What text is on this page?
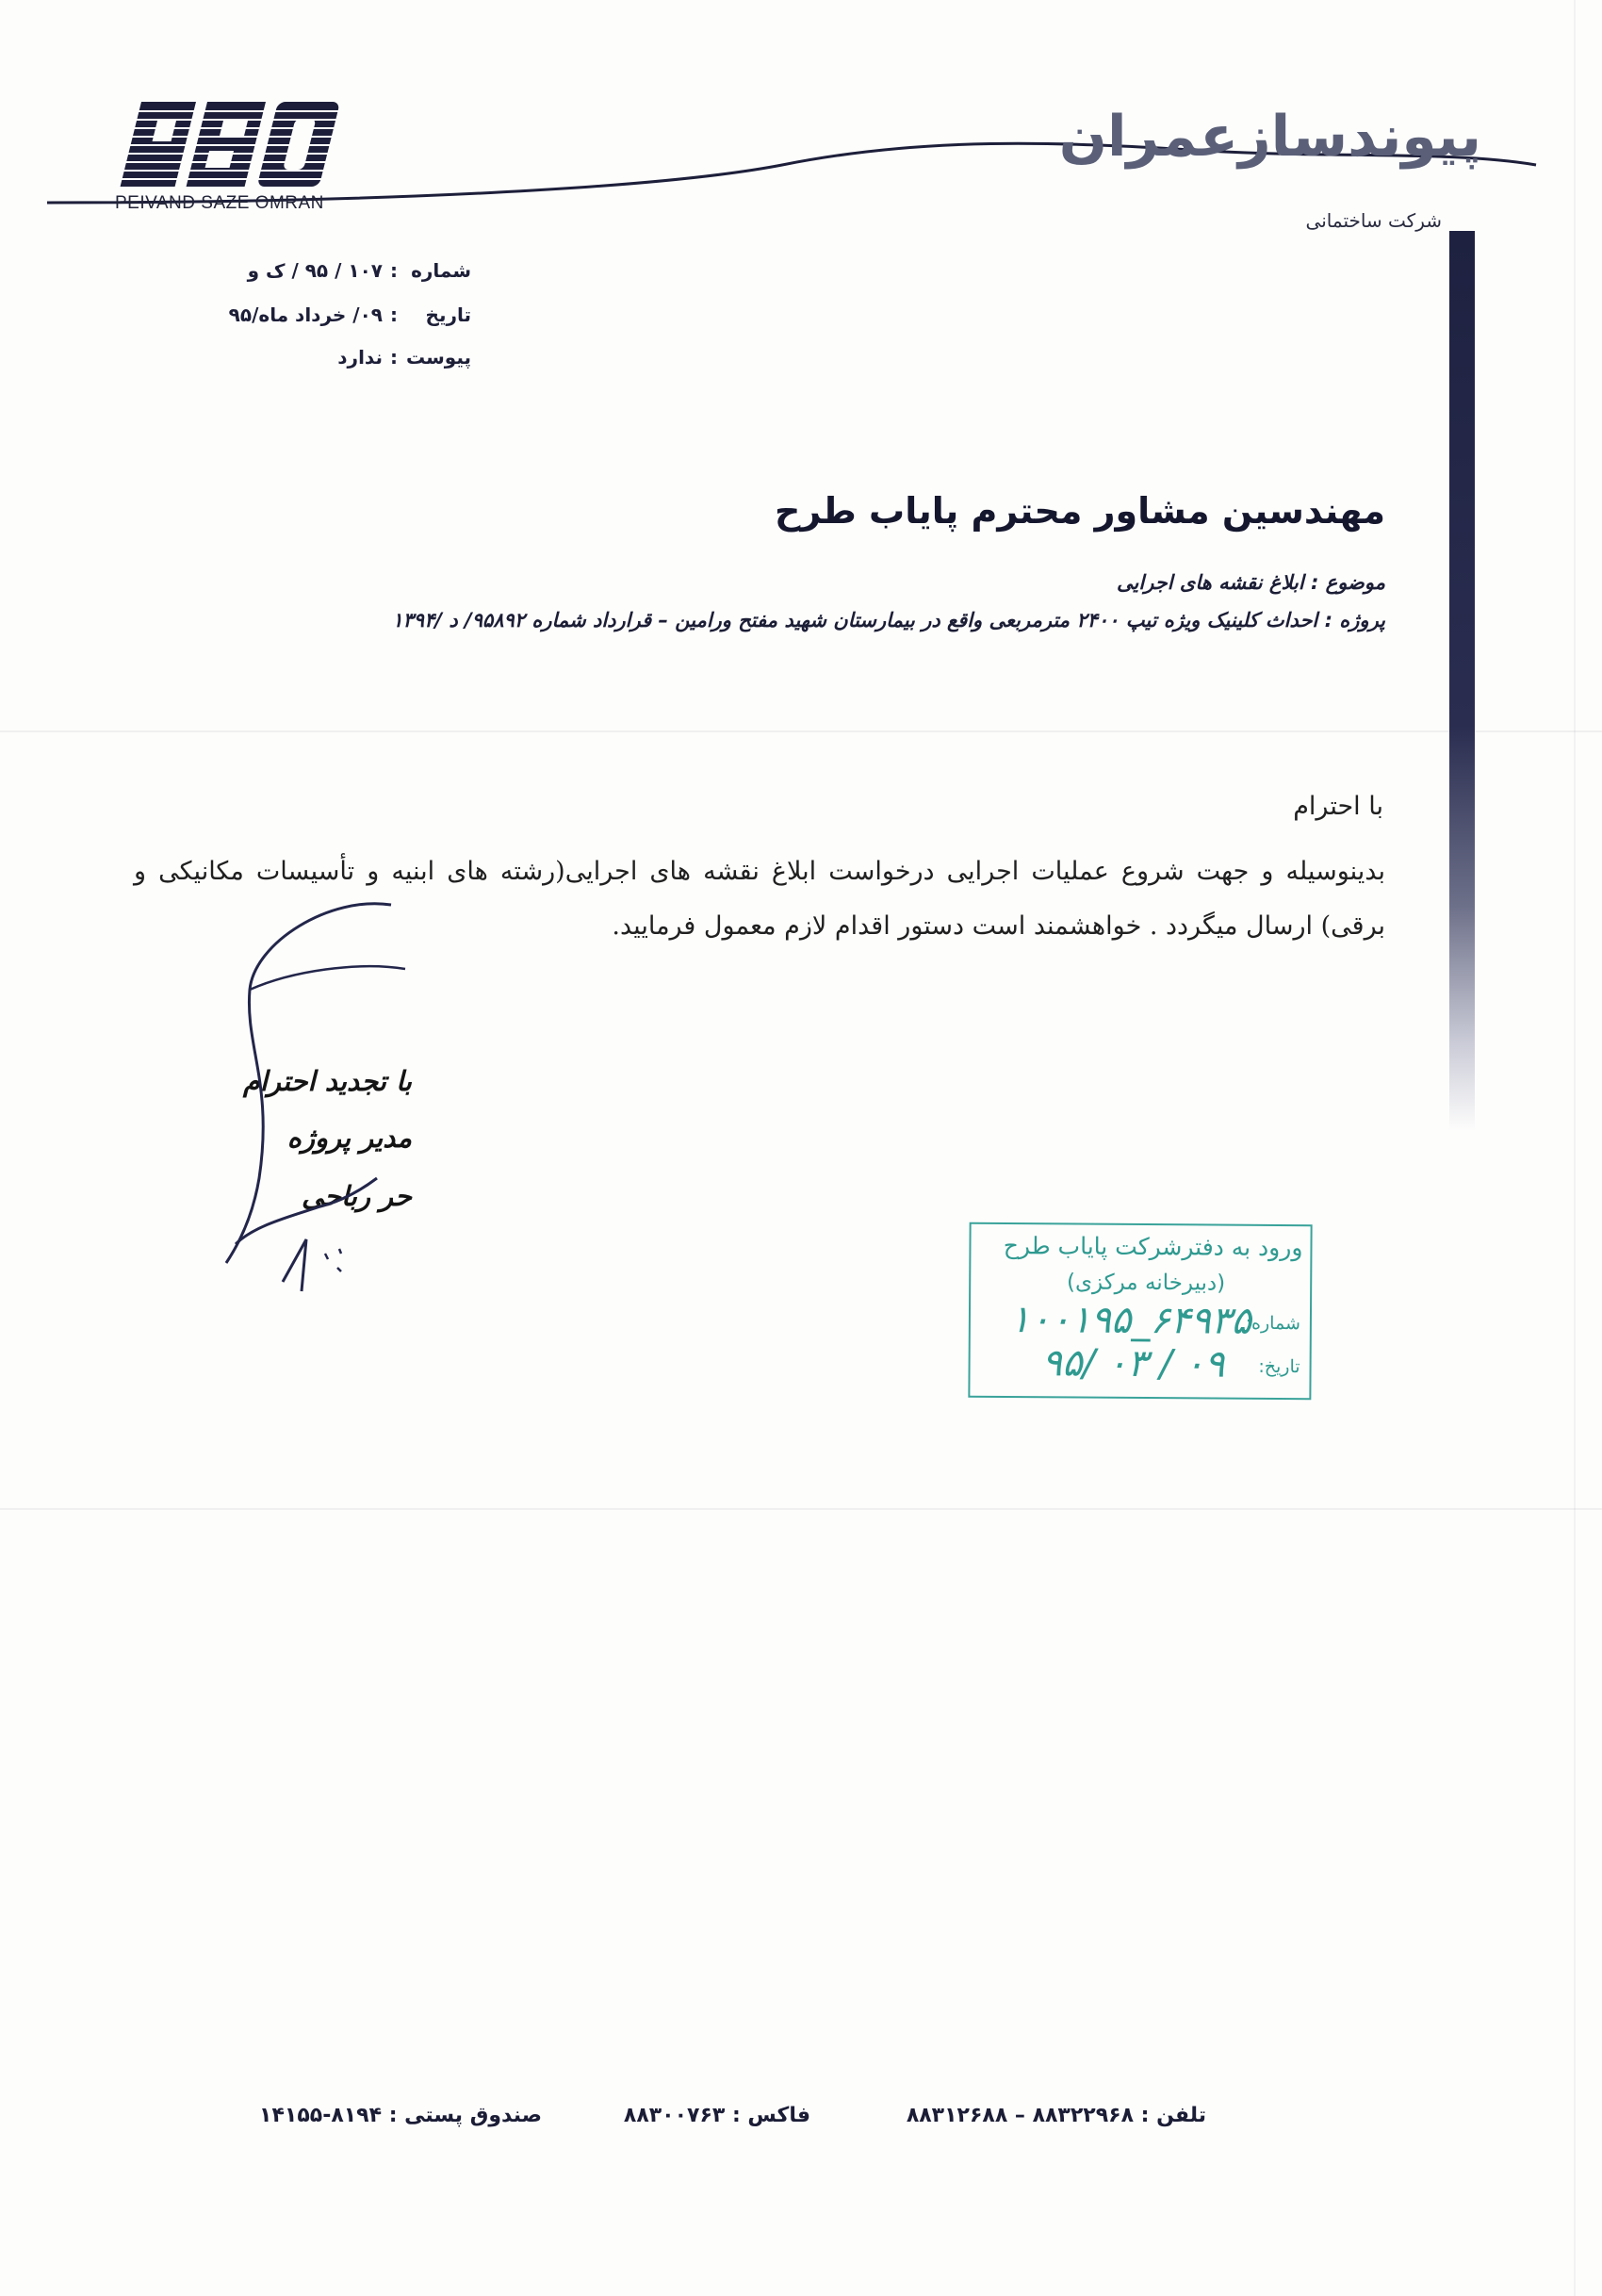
PEIVAND SAZE OMRAN
پیوندسازعمران
شرکت ساختمانی
شماره:۱۰۷ / ۹۵ / ک و
تاریخ:۰۹/ خرداد ماه/۹۵
پیوست:ندارد
مهندسین مشاور محترم پایاب طرح
موضوع : ابلاغ نقشه های اجرایی
پروژه : احداث کلینیک ویژه تیپ ۲۴۰۰ مترمربعی واقع در بیمارستان شهید مفتح ورامین – قرارداد شماره ۹۵۸۹۲/ د /۱۳۹۴
با احترام
بدینوسیله و جهت شروع عملیات اجرایی درخواست ابلاغ نقشه های اجرایی(رشته های ابنیه و تأسیسات مکانیکی و برقی) ارسال میگردد . خواهشمند است دستور اقدام لازم معمول فرمایید.
با تجدید احترام
مدیر پروژه
حر رباحی
ورود به دفترشرکت پایاب طرح
(دبیرخانه مرکزی)
شماره:
۱۰۰۱۹۵_۶۴۹۳۵
تاریخ:
۹۵/ ۰۳ / ۰۹
تلفن : ۸۸۳۲۲۹۶۸ – ۸۸۳۱۲۶۸۸
فاکس : ۸۸۳۰۰۷۶۳
صندوق پستی : ۸۱۹۴-۱۴۱۵۵
